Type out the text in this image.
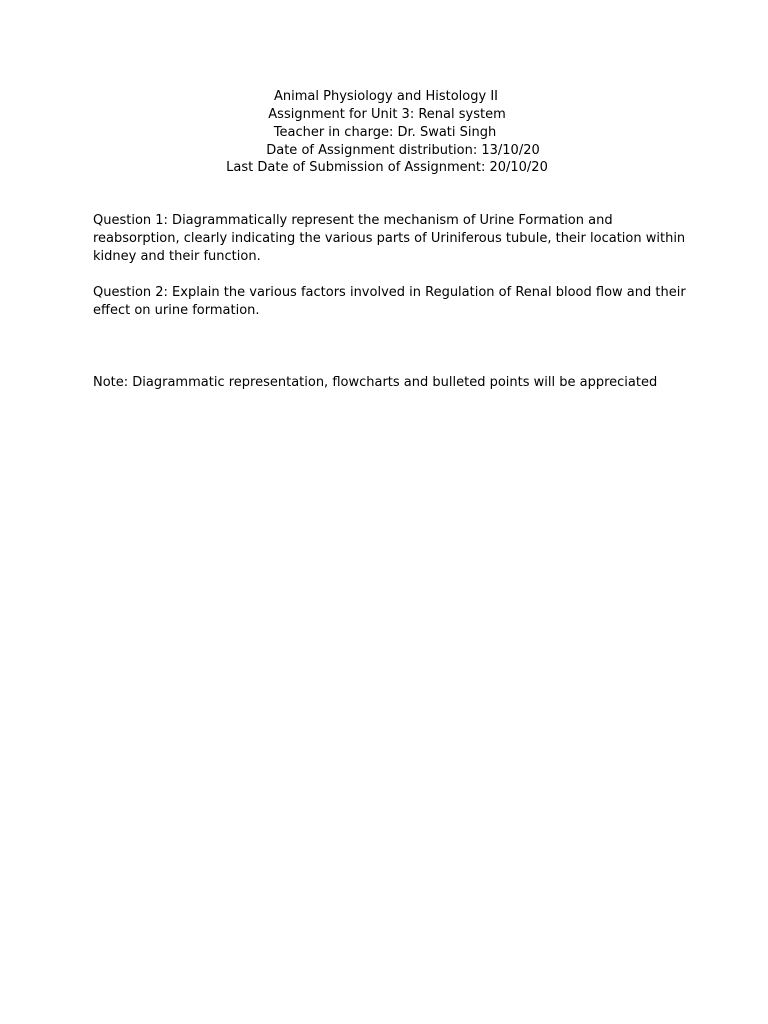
Animal Physiology and Histology II
Assignment for Unit 3: Renal system
Teacher in charge: Dr. Swati Singh
Date of Assignment distribution: 13/10/20
Last Date of Submission of Assignment: 20/10/20
Question 1: Diagrammatically represent the mechanism of Urine Formation and
reabsorption, clearly indicating the various parts of Uriniferous tubule, their location within
kidney and their function.
Question 2: Explain the various factors involved in Regulation of Renal blood flow and their
effect on urine formation.
Note: Diagrammatic representation, flowcharts and bulleted points will be appreciated
